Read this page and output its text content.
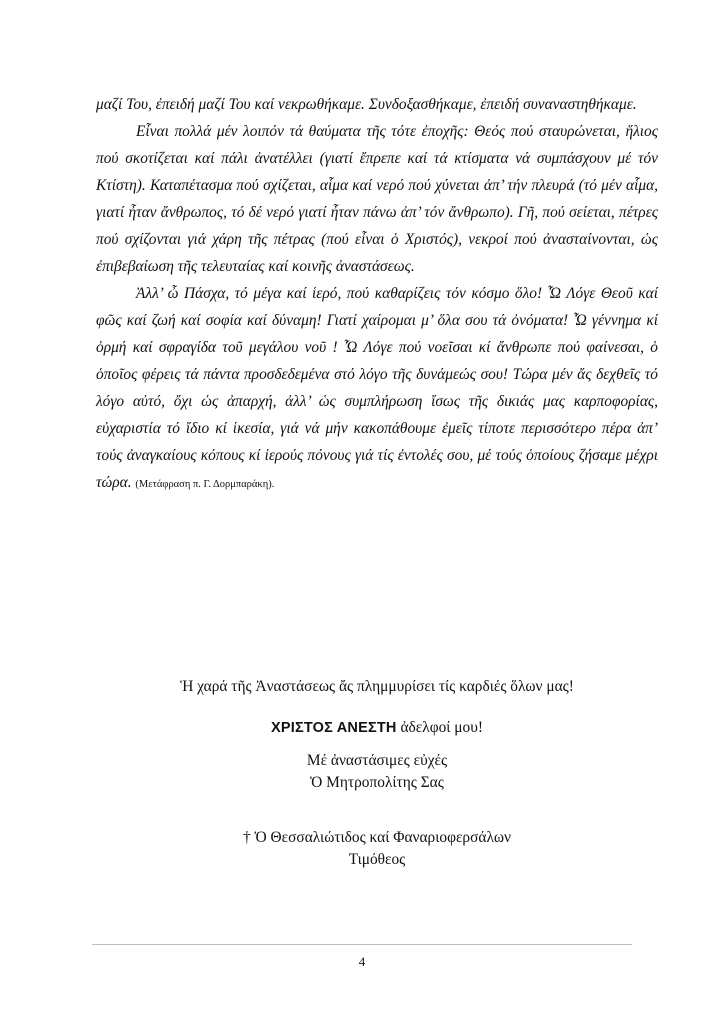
μαζί Του, ἐπειδή μαζί Του καί νεκρωθήκαμε. Συνδοξασθήκαμε, ἐπειδή συναναστηθήκαμε.

Εἶναι πολλά μέν λοιπόν τά θαύματα τῆς τότε ἐποχῆς: Θεός πού σταυρώνεται, ἥλιος πού σκοτίζεται καί πάλι ἀνατέλλει (γιατί ἔπρεπε καί τά κτίσματα νά συμπάσχουν μέ τόν Κτίστη). Καταπέτασμα πού σχίζεται, αἷμα καί νερό πού χύνεται ἀπ’ τήν πλευρά (τό μέν αἷμα, γιατί ἦταν ἄνθρωπος, τό δέ νερό γιατί ἦταν πάνω ἀπ’ τόν ἄνθρωπο). Γῆ, πού σείεται, πέτρες πού σχίζονται γιά χάρη τῆς πέτρας (πού εἶναι ὁ Χριστός), νεκροί πού ἀνασταίνονται, ὡς ἐπιβεβαίωση τῆς τελευταίας καί κοινῆς ἀναστάσεως.

Ἀλλ’ ὦ Πάσχα, τό μέγα καί ἱερό, πού καθαρίζεις τόν κόσμο ὅλο! Ὦ Λόγε Θεοῦ καί φῶς καί ζωή καί σοφία καί δύναμη! Γιατί χαίρομαι μ’ ὅλα σου τά ὀνόματα! Ὦ γέννημα κί ὁρμή καί σφραγίδα τοῦ μεγάλου νοῦ ! Ὦ Λόγε πού νοεῖσαι κί ἄνθρωπε πού φαίνεσαι, ὁ ὁποῖος φέρεις τά πάντα προσδεδεμένα στό λόγο τῆς δυνάμεώς σου! Τώρα μέν ἄς δεχθεῖς τό λόγο αὐτό, ὄχι ὡς ἀπαρχή, ἀλλ’ ὡς συμπλήρωση ἴσως τῆς δικιάς μας καρποφορίας, εὐχαριστία τό ἴδιο κί ἱκεσία, γιά νά μήν κακοπάθουμε ἐμεῖς τίποτε περισσότερο πέρα ἀπ’ τούς ἀναγκαίους κόπους κί ἱερούς πόνους γιά τίς ἐντολές σου, μέ τούς ὁποίους ζήσαμε μέχρι τώρα. (Μετάφραση π. Γ. Δορμπαράκη).

Ἡ χαρά τῆς Ἀναστάσεως ἄς πλημμυρίσει τίς καρδιές ὅλων μας!

ΧΡΙΣΤΟΣ ΑΝΕΣΤΗ ἀδελφοί μου!

Μέ ἀναστάσιμες εὐχές
Ὁ Μητροπολίτης Σας

† Ὁ Θεσσαλιώτιδος καί Φαναριοφερσάλων
Τιμόθεος

4
